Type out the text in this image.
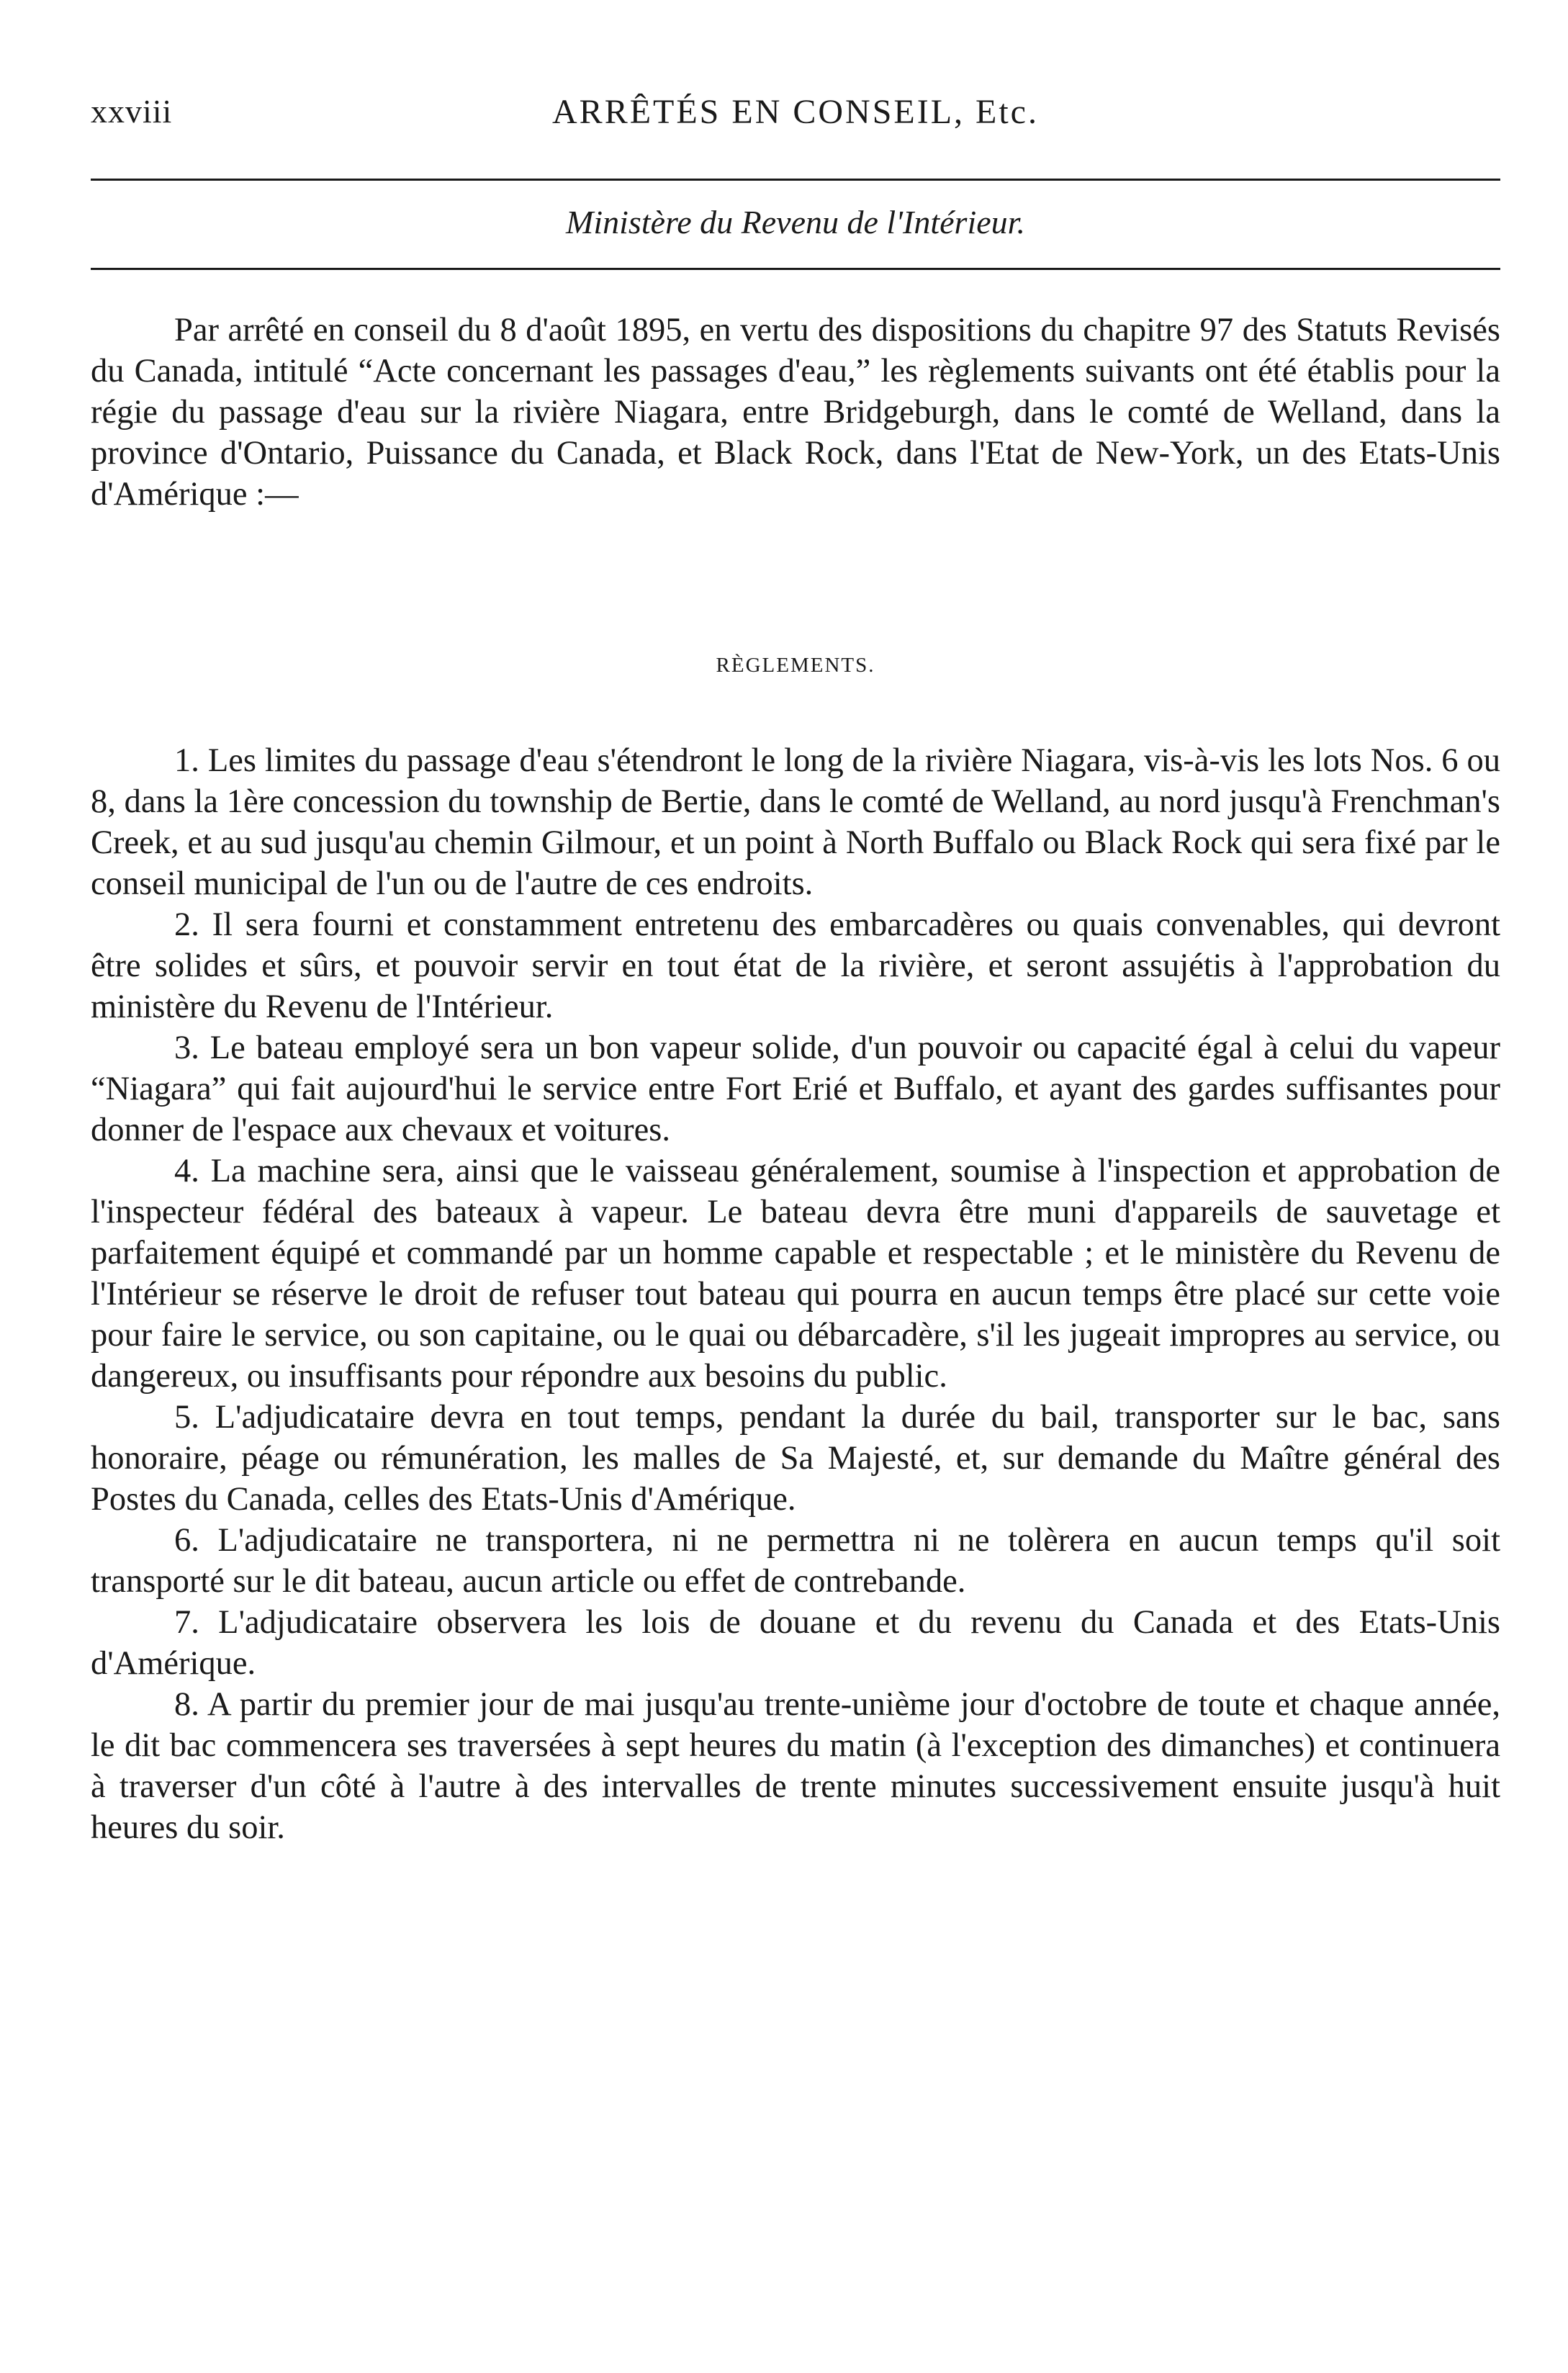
xxviii	ARRÊTÉS EN CONSEIL, Etc.
Ministère du Revenu de l'Intérieur.

Par arrêté en conseil du 8 d'août 1895, en vertu des dispositions du chapitre 97 des Statuts Revisés du Canada, intitulé “Acte concernant les passages d'eau,” les règlements suivants ont été établis pour la régie du passage d'eau sur la rivière Niagara, entre Bridgeburgh, dans le comté de Welland, dans la province d'Ontario, Puissance du Canada, et Black Rock, dans l'Etat de New-York, un des Etats-Unis d'Amérique :—

RÈGLEMENTS.

1. Les limites du passage d'eau s'étendront le long de la rivière Niagara, vis-à-vis les lots Nos. 6 ou 8, dans la 1ère concession du township de Bertie, dans le comté de Welland, au nord jusqu'à Frenchman's Creek, et au sud jusqu'au chemin Gilmour, et un point à North Buffalo ou Black Rock qui sera fixé par le conseil municipal de l'un ou de l'autre de ces endroits.

2. Il sera fourni et constamment entretenu des embarcadères ou quais convenables, qui devront être solides et sûrs, et pouvoir servir en tout état de la rivière, et seront assujétis à l'approbation du ministère du Revenu de l'Intérieur.

3. Le bateau employé sera un bon vapeur solide, d'un pouvoir ou capacité égal à celui du vapeur “Niagara” qui fait aujourd'hui le service entre Fort Erié et Buffalo, et ayant des gardes suffisantes pour donner de l'espace aux chevaux et voitures.

4. La machine sera, ainsi que le vaisseau généralement, soumise à l'inspection et approbation de l'inspecteur fédéral des bateaux à vapeur. Le bateau devra être muni d'appareils de sauvetage et parfaitement équipé et commandé par un homme capable et respectable ; et le ministère du Revenu de l'Intérieur se réserve le droit de refuser tout bateau qui pourra en aucun temps être placé sur cette voie pour faire le service, ou son capitaine, ou le quai ou débarcadère, s'il les jugeait impropres au service, ou dangereux, ou insuffisants pour répondre aux besoins du public.

5. L'adjudicataire devra en tout temps, pendant la durée du bail, transporter sur le bac, sans honoraire, péage ou rémunération, les malles de Sa Majesté, et, sur demande du Maître général des Postes du Canada, celles des Etats-Unis d'Amérique.

6. L'adjudicataire ne transportera, ni ne permettra ni ne tolèrera en aucun temps qu'il soit transporté sur le dit bateau, aucun article ou effet de contrebande.

7. L'adjudicataire observera les lois de douane et du revenu du Canada et des Etats-Unis d'Amérique.

8. A partir du premier jour de mai jusqu'au trente-unième jour d'octobre de toute et chaque année, le dit bac commencera ses traversées à sept heures du matin (à l'exception des dimanches) et continuera à traverser d'un côté à l'autre à des intervalles de trente minutes successivement ensuite jusqu'à huit heures du soir.
